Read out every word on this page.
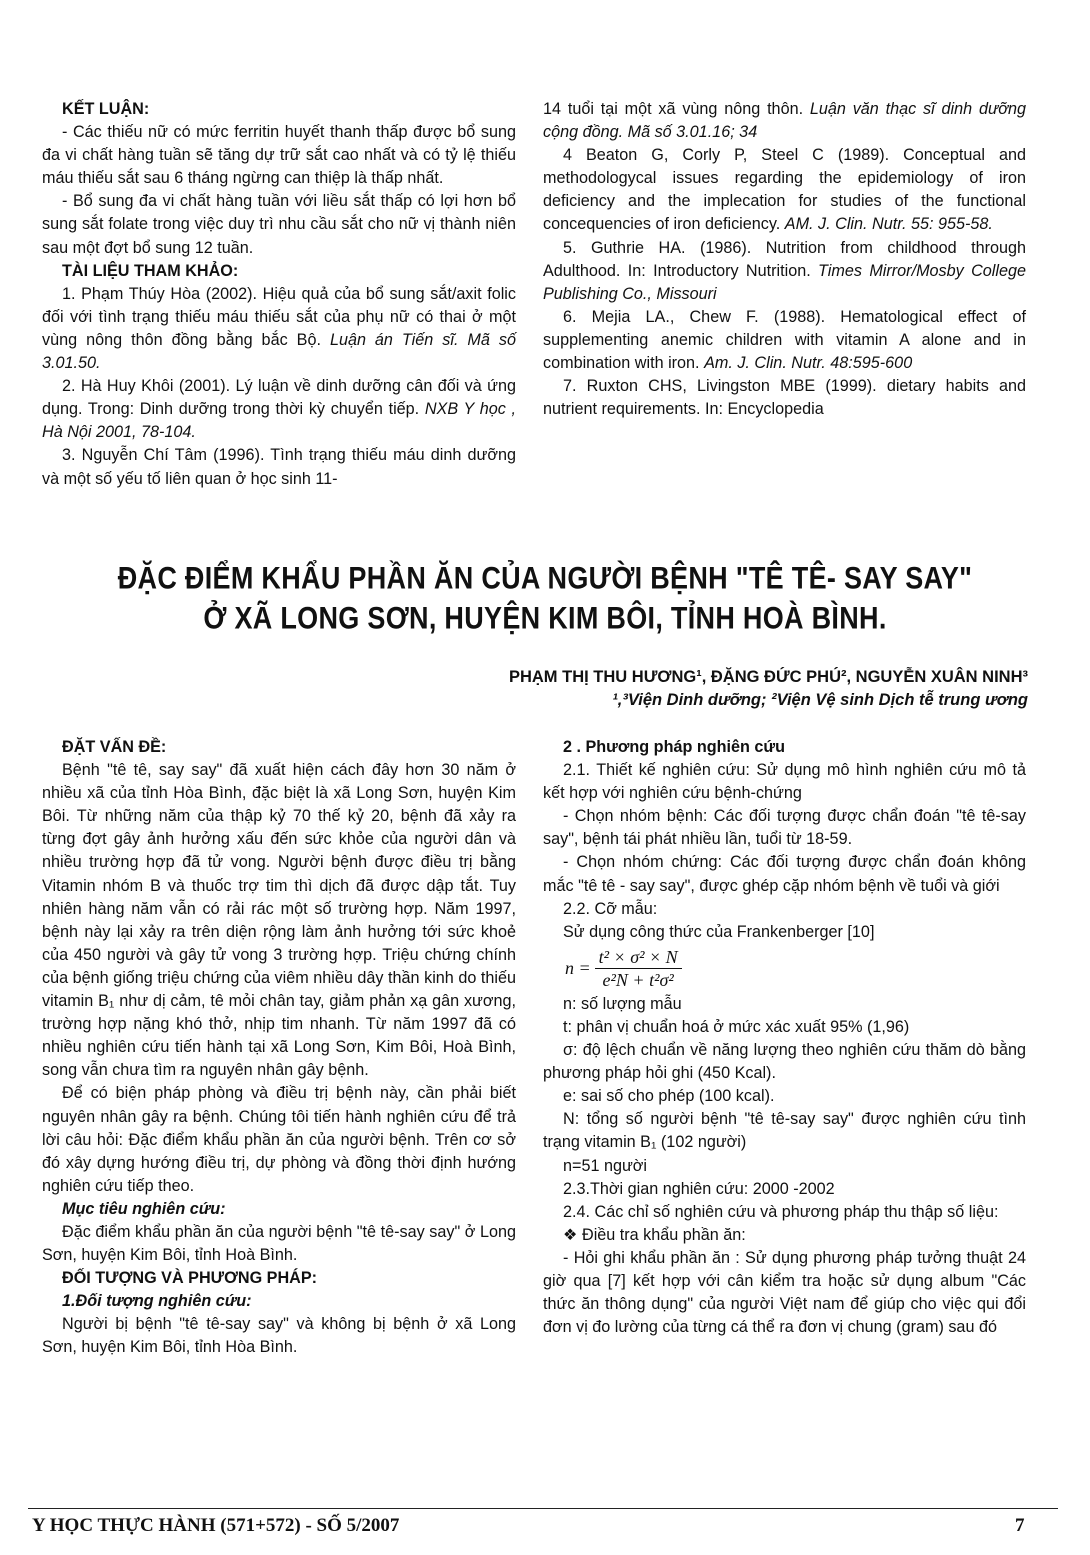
KẾT LUẬN:

- Các thiếu nữ có mức ferritin huyết thanh thấp được bổ sung đa vi chất hàng tuần sẽ tăng dự trữ sắt cao nhất và có tỷ lệ thiếu máu thiếu sắt sau 6 tháng ngừng can thiệp là thấp nhất.

- Bổ sung đa vi chất hàng tuần với liều sắt thấp có lợi hơn bổ sung sắt folate trong việc duy trì nhu cầu sắt cho nữ vị thành niên sau một đợt bổ sung 12 tuần.

TÀI LIỆU THAM KHẢO:

1. Phạm Thúy Hòa (2002). Hiệu quả của bổ sung sắt/axit folic đối với tình trạng thiếu máu thiếu sắt của phụ nữ có thai ở một vùng nông thôn đồng bằng bắc Bộ. Luận án Tiến sĩ. Mã số 3.01.50.

2. Hà Huy Khôi (2001). Lý luận về dinh dưỡng cân đối và ứng dụng. Trong: Dinh dưỡng trong thời kỳ chuyển tiếp. NXB Y học , Hà Nội 2001, 78-104.

3. Nguyễn Chí Tâm (1996). Tình trạng thiếu máu dinh dưỡng và một số yếu tố liên quan ở học sinh 11-

14 tuổi tại một xã vùng nông thôn. Luận văn thạc sĩ dinh dưỡng cộng đồng. Mã số 3.01.16; 34

4 Beaton G, Corly P, Steel C (1989). Conceptual and methodologycal issues regarding the epidemiology of iron deficiency and the implecation for studies of the functional concequencies of iron deficiency. AM. J. Clin. Nutr. 55: 955-58.

5. Guthrie HA. (1986). Nutrition from childhood through Adulthood. In: Introductory Nutrition. Times Mirror/Mosby College Publishing Co., Missouri

6. Mejia LA., Chew F. (1988). Hematological effect of supplementing anemic children with vitamin A alone and in combination with iron. Am. J. Clin. Nutr. 48:595-600

7. Ruxton CHS, Livingston MBE (1999). dietary habits and nutrient requirements. In: Encyclopedia

ĐẶC ĐIỂM KHẨU PHẦN ĂN CỦA NGƯỜI BỆNH "TÊ TÊ- SAY SAY"
Ở XÃ LONG SƠN, HUYỆN KIM BÔI, TỈNH HOÀ BÌNH.
PHẠM THỊ THU HƯƠNG¹, ĐẶNG ĐỨC PHÚ², NGUYỄN XUÂN NINH³
¹,³Viện Dinh dưỡng; ²Viện Vệ sinh Dịch tễ trung ương

ĐẶT VẤN ĐỀ:

Bệnh "tê tê, say say" đã xuất hiện cách đây hơn 30 năm ở nhiều xã của tỉnh Hòa Bình, đặc biệt là xã Long Sơn, huyện Kim Bôi. Từ những năm của thập kỷ 70 thế kỷ 20, bệnh đã xảy ra từng đợt gây ảnh hưởng xấu đến sức khỏe của người dân và nhiều trường hợp đã tử vong. Người bệnh được điều trị bằng Vitamin nhóm B và thuốc trợ tim thì dịch đã được dập tắt. Tuy nhiên hàng năm vẫn có rải rác một số trường hợp. Năm 1997, bệnh này lại xảy ra trên diện rộng làm ảnh hưởng tới sức khoẻ của 450 người và gây tử vong 3 trường hợp. Triệu chứng chính của bệnh giống triệu chứng của viêm nhiều dây thần kinh do thiếu vitamin B₁ như dị cảm, tê mỏi chân tay, giảm phản xạ gân xương, trường hợp nặng khó thở, nhịp tim nhanh. Từ năm 1997 đã có nhiều nghiên cứu tiến hành tại xã Long Sơn, Kim Bôi, Hoà Bình, song vẫn chưa tìm ra nguyên nhân gây bệnh.

Để có biện pháp phòng và điều trị bệnh này, cần phải biết nguyên nhân gây ra bệnh. Chúng tôi tiến hành nghiên cứu để trả lời câu hỏi: Đặc điểm khẩu phần ăn của người bệnh. Trên cơ sở đó xây dựng hướng điều trị, dự phòng và đồng thời định hướng nghiên cứu tiếp theo.

Mục tiêu nghiên cứu:

Đặc điểm khẩu phần ăn của người bệnh "tê tê-say say" ở Long Sơn, huyện Kim Bôi, tỉnh Hoà Bình.

ĐỐI TƯỢNG VÀ PHƯƠNG PHÁP:

1.Đối tượng nghiên cứu:

Người bị bệnh "tê tê-say say" và không bị bệnh ở xã Long Sơn, huyện Kim Bôi, tỉnh Hòa Bình.

2 . Phương pháp nghiên cứu

2.1. Thiết kế nghiên cứu: Sử dụng mô hình nghiên cứu mô tả kết hợp với nghiên cứu bệnh-chứng

- Chọn nhóm bệnh: Các đối tượng được chẩn đoán "tê tê-say say", bệnh tái phát nhiều lần, tuổi từ 18-59.

- Chọn nhóm chứng: Các đối tượng được chẩn đoán không mắc "tê tê - say say", được ghép cặp nhóm bệnh về tuổi và giới

2.2. Cỡ mẫu:

Sử dụng công thức của Frankenberger [10]

$n = \frac{\text{t² × σ² × N}}{\text{e²N + t²σ²}}$

n: số lượng mẫu

t: phân vị chuẩn hoá ở mức xác xuất 95% (1,96)

σ: độ lệch chuẩn về năng lượng theo nghiên cứu thăm dò bằng phương pháp hỏi ghi (450 Kcal).

e: sai số cho phép (100 kcal).

N: tổng số người bệnh "tê tê-say say" được nghiên cứu tình trạng vitamin B₁ (102 người)

n=51 người

2.3.Thời gian nghiên cứu: 2000 -2002

2.4. Các chỉ số nghiên cứu và phương pháp thu thập số liệu:

❖ Điều tra khẩu phần ăn:

- Hỏi ghi khẩu phần ăn : Sử dụng phương pháp tưởng thuật 24 giờ qua [7] kết hợp với cân kiểm tra hoặc sử dụng album "Các thức ăn thông dụng" của người Việt nam để giúp cho việc qui đổi đơn vị đo lường của từng cá thể ra đơn vị chung (gram) sau đó

Y HỌC THỰC HÀNH (571+572) - SỐ 5/2007	7
